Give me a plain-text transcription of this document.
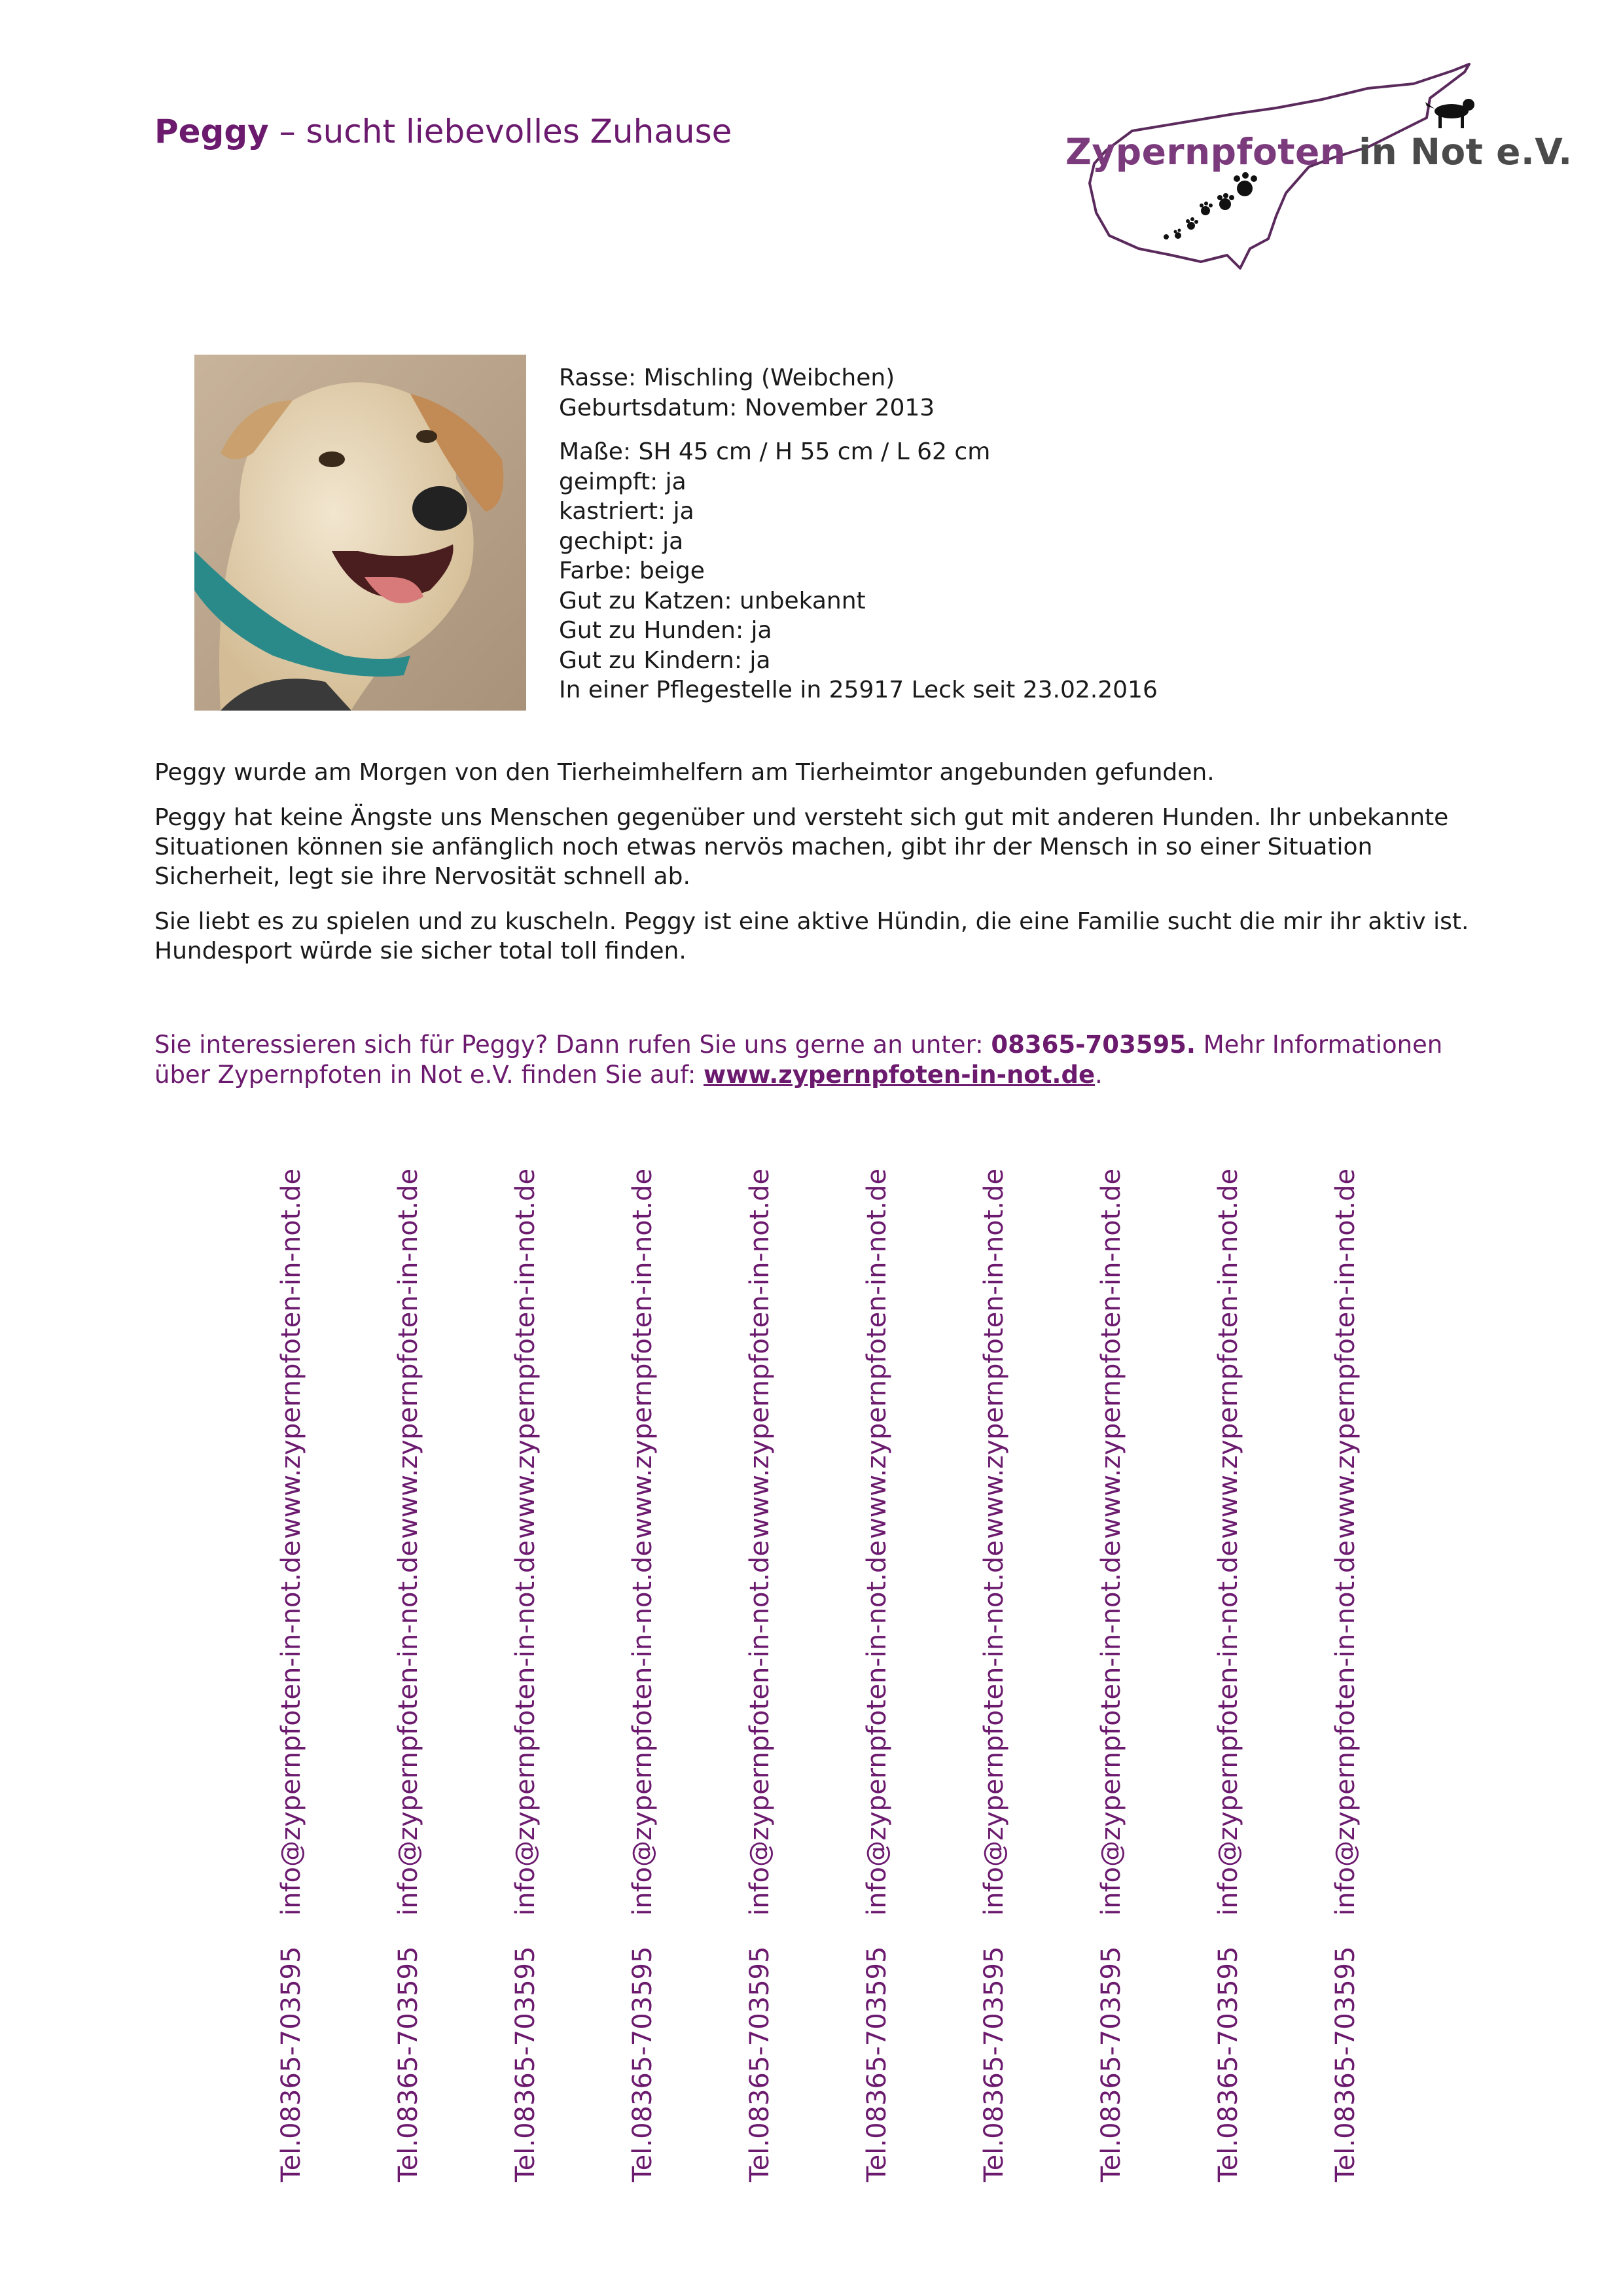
Peggy – sucht liebevolles Zuhause	Zypernpfoten in Not e.V.
Rasse: Mischling (Weibchen)
Geburtsdatum: November 2013
Maße: SH 45 cm / H 55 cm / L 62 cm
geimpft: ja
kastriert: ja
gechipt: ja
Farbe: beige
Gut zu Katzen: unbekannt
Gut zu Hunden: ja
Gut zu Kindern: ja
In einer Pflegestelle in 25917 Leck seit 23.02.2016

Peggy wurde am Morgen von den Tierheimhelfern am Tierheimtor angebunden gefunden.

Peggy hat keine Ängste uns Menschen gegenüber und versteht sich gut mit anderen Hunden. Ihr unbekannte Situationen können sie anfänglich noch etwas nervös machen, gibt ihr der Mensch in so einer Situation Sicherheit, legt sie ihre Nervosität schnell ab.

Sie liebt es zu spielen und zu kuscheln. Peggy ist eine aktive Hündin, die eine Familie sucht die mir ihr aktiv ist. Hundesport würde sie sicher total toll finden.

Sie interessieren sich für Peggy? Dann rufen Sie uns gerne an unter: 08365-703595. Mehr Informationen über Zypernpfoten in Not e.V. finden Sie auf: www.zypernpfoten-in-not.de.
www.zypernpfoten-in-not.de
info@zypernpfoten-in-not.de
Tel.08365-703595
www.zypernpfoten-in-not.de
info@zypernpfoten-in-not.de
Tel.08365-703595
www.zypernpfoten-in-not.de
info@zypernpfoten-in-not.de
Tel.08365-703595
www.zypernpfoten-in-not.de
info@zypernpfoten-in-not.de
Tel.08365-703595
www.zypernpfoten-in-not.de
info@zypernpfoten-in-not.de
Tel.08365-703595
www.zypernpfoten-in-not.de
info@zypernpfoten-in-not.de
Tel.08365-703595
www.zypernpfoten-in-not.de
info@zypernpfoten-in-not.de
Tel.08365-703595
www.zypernpfoten-in-not.de
info@zypernpfoten-in-not.de
Tel.08365-703595
www.zypernpfoten-in-not.de
info@zypernpfoten-in-not.de
Tel.08365-703595
www.zypernpfoten-in-not.de
info@zypernpfoten-in-not.de
Tel.08365-703595
